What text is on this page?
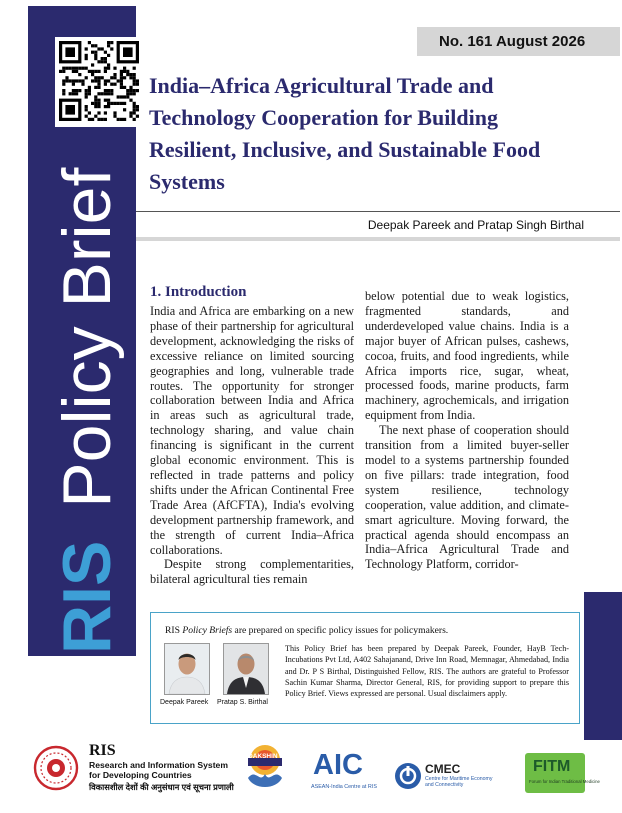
RIS Policy Brief
No. 161 August 2026
India–Africa Agricultural Trade and Technology Cooperation for Building Resilient, Inclusive, and Sustainable Food Systems
Deepak Pareek and Pratap Singh Birthal
1. Introduction

India and Africa are embarking on a new phase of their partnership for agricultural development, acknowledging the risks of excessive reliance on limited sourcing geographies and long, vulnerable trade routes. The opportunity for stronger collaboration between India and Africa in areas such as agricultural trade, technology sharing, and value chain financing is significant in the current global economic environment. This is reflected in trade patterns and policy shifts under the African Continental Free Trade Area (AfCFTA), India's evolving development partnership framework, and the strength of current India–Africa collaborations.

Despite strong complementarities, bilateral agricultural ties remain

below potential due to weak logistics, fragmented standards, and underdeveloped value chains. India is a major buyer of African pulses, cashews, cocoa, fruits, and food ingredients, while Africa imports rice, sugar, wheat, processed foods, marine products, farm machinery, agrochemicals, and irrigation equipment from India.

The next phase of cooperation should transition from a limited buyer-seller model to a systems partnership founded on five pillars: trade integration, food system resilience, technology cooperation, value addition, and climate-smart agriculture. Moving forward, the practical agenda should encompass an India–Africa Agricultural Trade and Technology Platform, corridor-

RIS Policy Briefs are prepared on specific policy issues for policymakers.
Deepak Pareek Pratap S. Birthal

This Policy Brief has been prepared by Deepak Pareek, Founder, HayB Tech-Incubations Pvt Ltd, A402 Sahajanand, Drive Inn Road, Memnagar, Ahmedabad, India and Dr. P S Birthal, Distinguished Fellow, RIS. The authors are grateful to Professor Sachin Kumar Sharma, Director General, RIS, for providing support to prepare this Policy Brief. Views expressed are personal. Usual disclaimers apply.

RIS
Research and Information System
for Developing Countries
विकासशील देशों की अनुसंधान एवं सूचना प्रणाली
DAKSHIN AIC
ASEAN-India Centre at RIS
CMEC
Centre for Maritime Economy
and Connectivity
FITM
Forum for Indian Traditional Medicine
